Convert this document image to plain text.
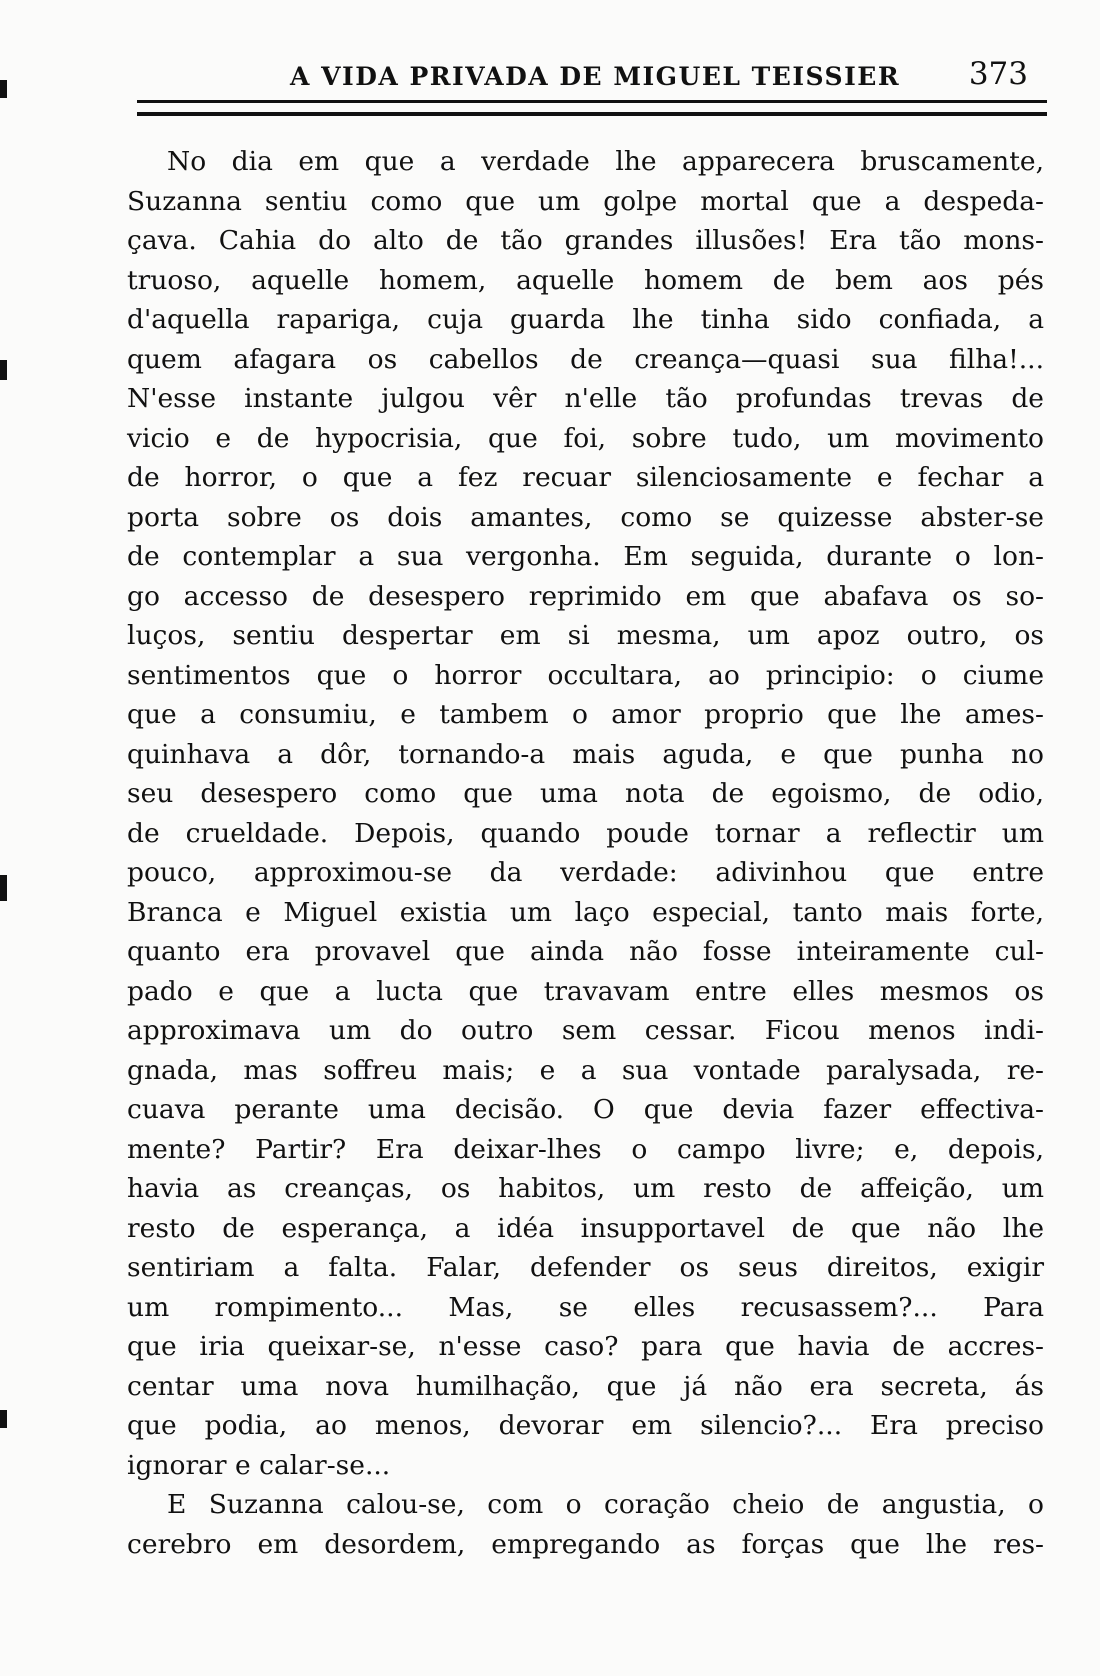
A VIDA PRIVADA DE MIGUEL TEISSIER 373
No dia em que a verdade lhe apparecera bruscamente,
Suzanna sentiu como que um golpe mortal que a despeda-
çava. Cahia do alto de tão grandes illusões! Era tão mons-
truoso, aquelle homem, aquelle homem de bem aos pés
d'aquella rapariga, cuja guarda lhe tinha sido confiada, a
quem afagara os cabellos de creança—quasi sua filha!...
N'esse instante julgou vêr n'elle tão profundas trevas de
vicio e de hypocrisia, que foi, sobre tudo, um movimento
de horror, o que a fez recuar silenciosamente e fechar a
porta sobre os dois amantes, como se quizesse abster-se
de contemplar a sua vergonha. Em seguida, durante o lon-
go accesso de desespero reprimido em que abafava os so-
luços, sentiu despertar em si mesma, um apoz outro, os
sentimentos que o horror occultara, ao principio: o ciume
que a consumiu, e tambem o amor proprio que lhe ames-
quinhava a dôr, tornando-a mais aguda, e que punha no
seu desespero como que uma nota de egoismo, de odio,
de crueldade. Depois, quando poude tornar a reflectir um
pouco, approximou-se da verdade: adivinhou que entre
Branca e Miguel existia um laço especial, tanto mais forte,
quanto era provavel que ainda não fosse inteiramente cul-
pado e que a lucta que travavam entre elles mesmos os
approximava um do outro sem cessar. Ficou menos indi-
gnada, mas soffreu mais; e a sua vontade paralysada, re-
cuava perante uma decisão. O que devia fazer effectiva-
mente? Partir? Era deixar-lhes o campo livre; e, depois,
havia as creanças, os habitos, um resto de affeição, um
resto de esperança, a idéa insupportavel de que não lhe
sentiriam a falta. Falar, defender os seus direitos, exigir
um rompimento... Mas, se elles recusassem?... Para
que iria queixar-se, n'esse caso? para que havia de accres-
centar uma nova humilhação, que já não era secreta, ás
que podia, ao menos, devorar em silencio?... Era preciso
ignorar e calar-se...
E Suzanna calou-se, com o coração cheio de angustia, o
cerebro em desordem, empregando as forças que lhe res-
